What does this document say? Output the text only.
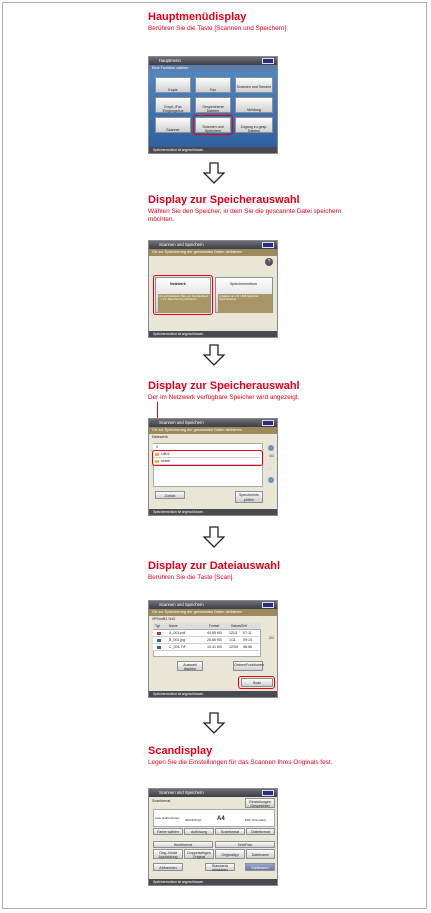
Hauptmenüdisplay
Berühren Sie die Taste [Scannen und Speichern].
Hauptmenü
Eine Funktion wählen
Kopie	Fax
Scannen und Senden
Empf.-/Fax Eingangsbox
Gespeicherte Dateien	Meldung
Scanner
Scannen und Speichern
Zugang zu gesp. Dateien
Speichermedium ist angeschlossen.
Display zur Speicherauswahl
Wählen Sie den Speicher, in dem Sie die gescannte Datei speichern möchten.
Scannen und Speichern
Ort zur Speicherung der gescannten Daten definieren
?
Netzwerk
Ort auf Netzwerk (Ser-ver, Netzlaufwerk ...) zur Speicherung definieren.
Speichermedium
Angaben an z.B. USB-Speicher, Speicherkarte ...
Speichermedium ist angeschlossen.
Display zur Speicherauswahl
Der im Netzwerk verfügbare Speicher wird angezeigt.
Scannen und Speichern
Ort zur Speicherung der gescannten Daten definieren
Netzwerk
\\
UB11
share
1/1
Zurück	Speicherinfo prüfen
Speichermedium ist angeschlossen.
Display zur Dateiauswahl
Berühren Sie die Taste [Scan].
Scannen und Speichern
Ort zur Speicherung der gescannten Daten definieren
\\PSmrB1 \\rk2
Typ	Name	Format	Datum/Zeit
A_001.pdf	44.65 KB 12/11 07:11
B_001.jpg	25.66 KB 1/11 09:10
C_001.TIF	10.41 KB 12/09 08:56
2/1
Auswahl löschen
Ordner/Funktionen
Scan
Speichermedium ist angeschlossen.
Scandisplay
Legen Sie die Einstellungen für das Scannen Ihres Originals fest.
Scannen und Speichern
Scanformat	Einstellungen Gespeichert
Auto (Farbe/Grau)	300x300 dpi	A4	PDF (Kompakt)
Farbe wählen	Auflösung	Scanformat	Dateiformat
Hochformat	Text/Foto
Orig.-Inhalt Ausrichtung
Doppelseitiges Original	Originaltyp	Dateiname
Abbrechen	Standards einsetzen	Schliessen
Speichermedium ist angeschlossen.
